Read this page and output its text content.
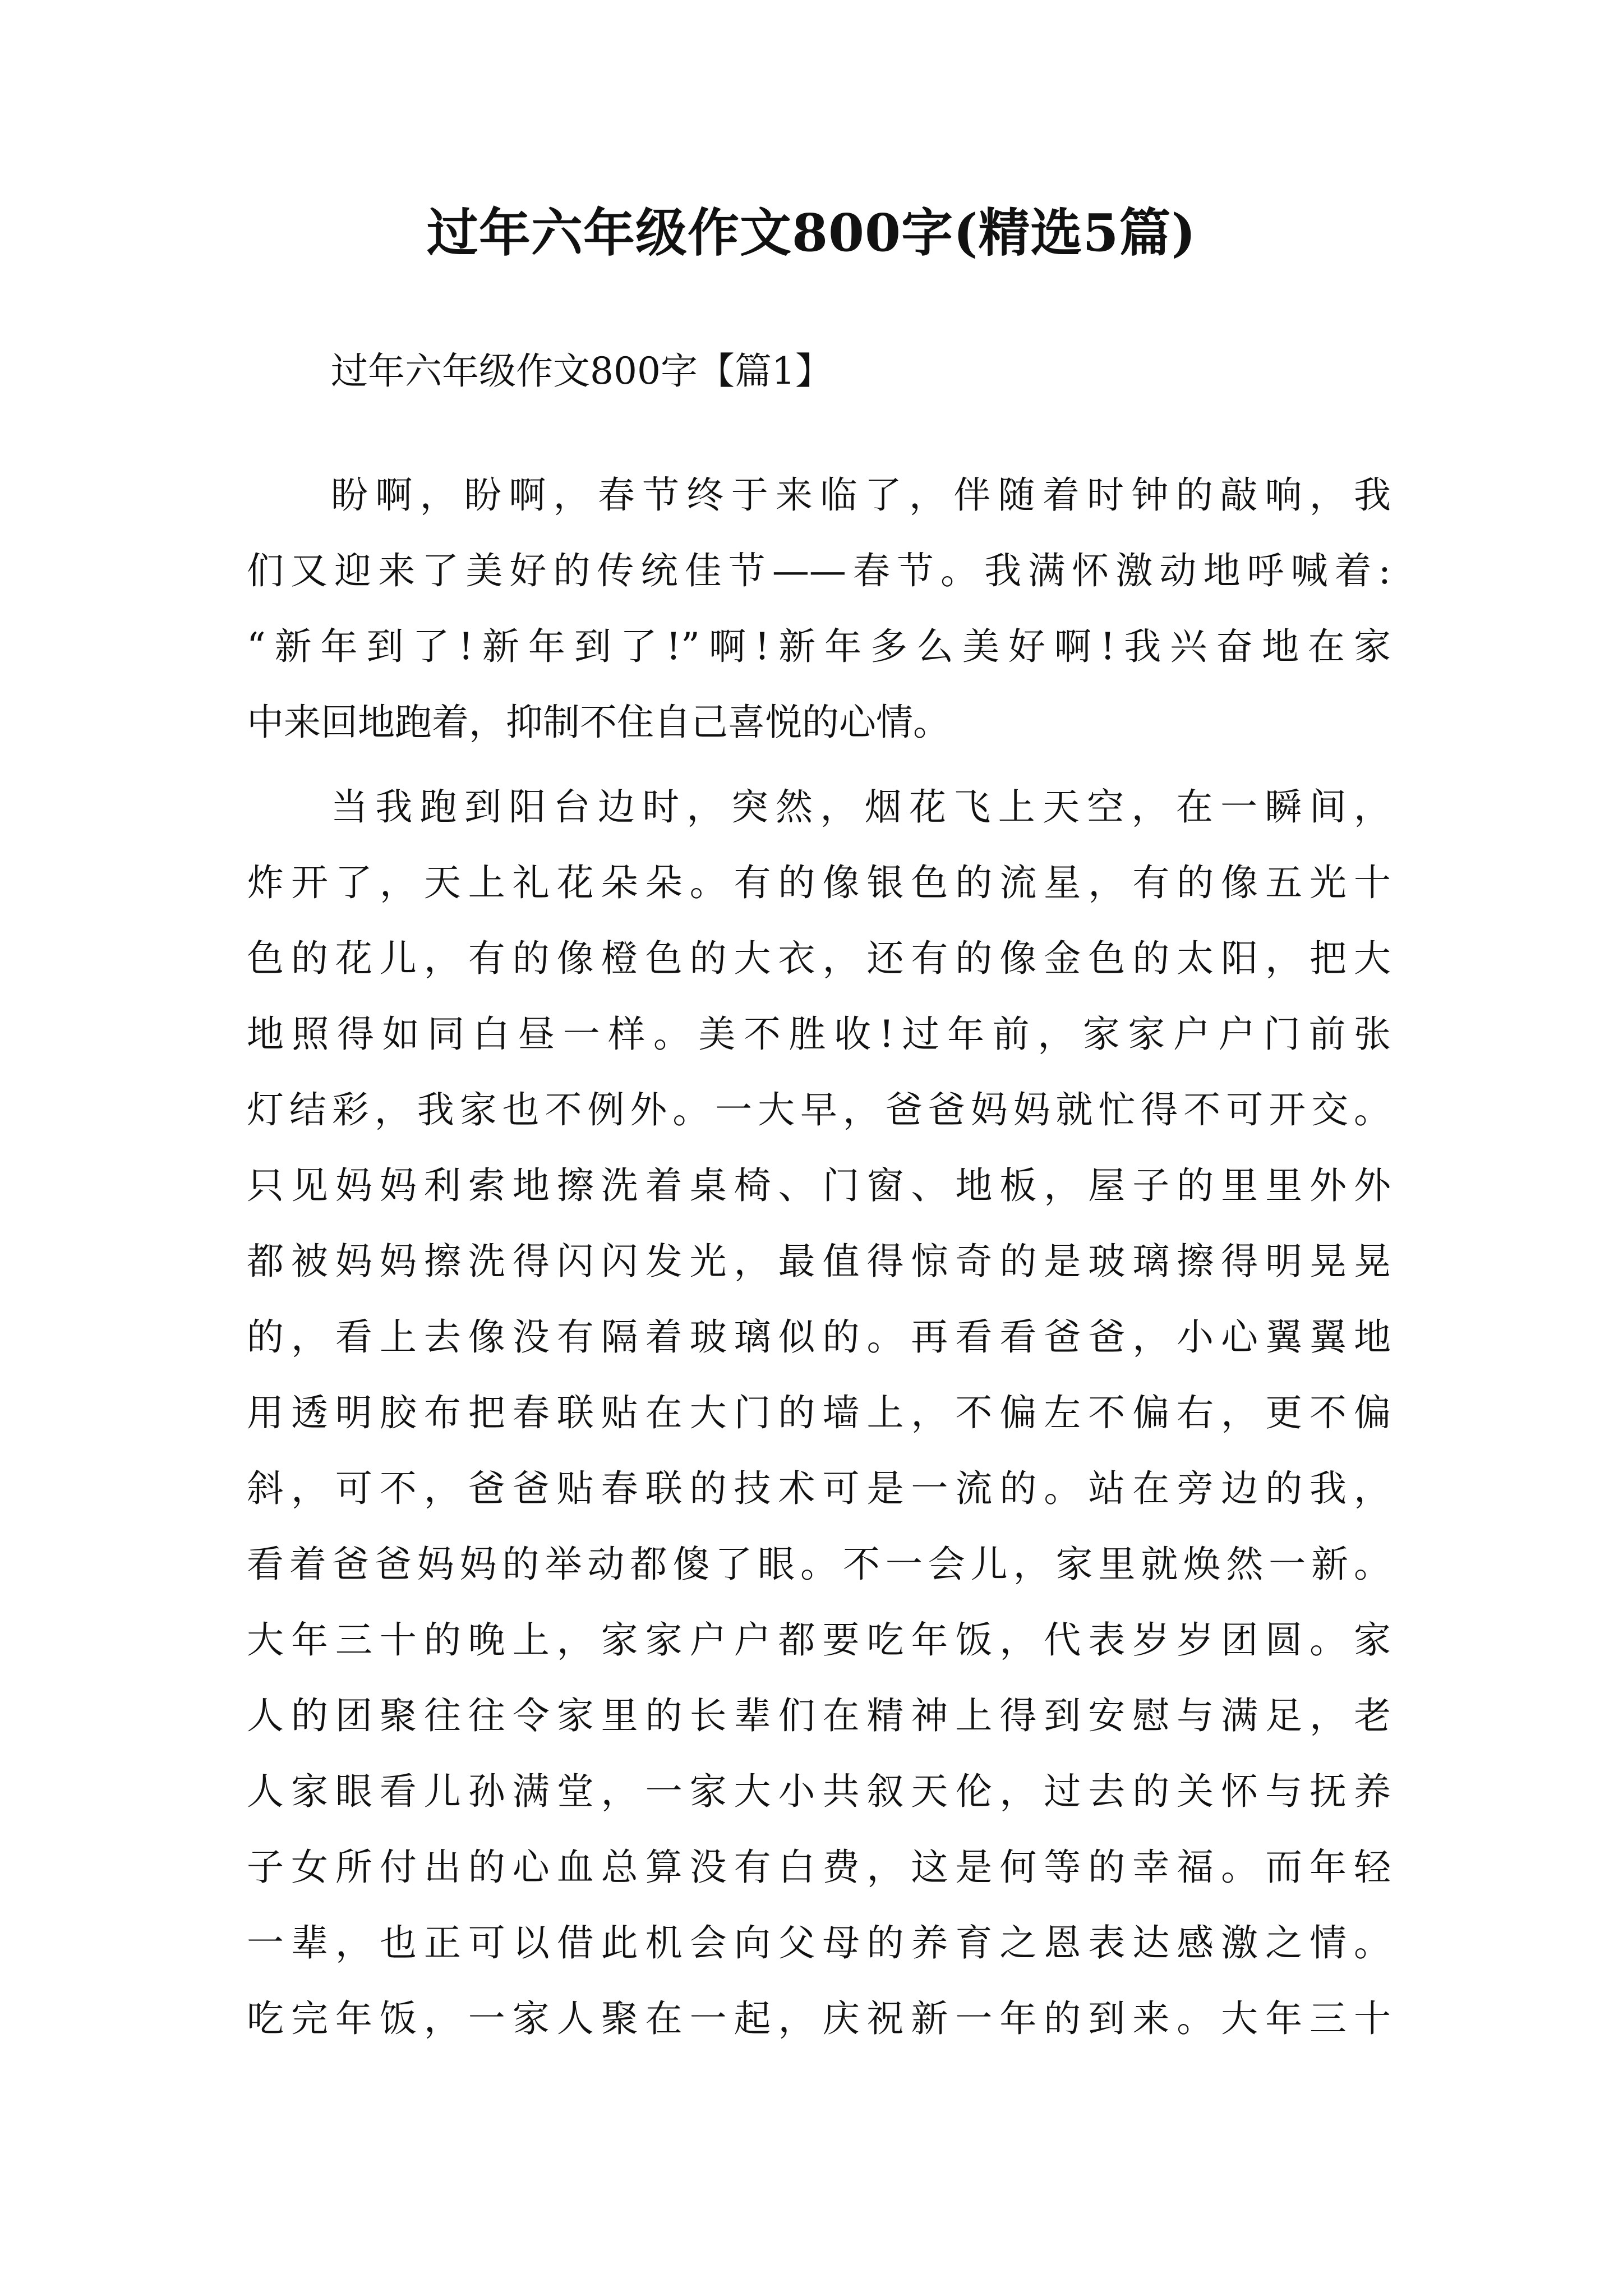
过年六年级作文800字(精选5篇)
过年六年级作文800字【篇1】
盼啊，盼啊，春节终于来临了，伴随着时钟的敲响，我
们又迎来了美好的传统佳节——春节。我满怀激动地呼喊着:
“新年到了!新年到了!”啊!新年多么美好啊!我兴奋地在家
中来回地跑着，抑制不住自己喜悦的心情。
当我跑到阳台边时，突然，烟花飞上天空，在一瞬间，
炸开了，天上礼花朵朵。有的像银色的流星，有的像五光十
色的花儿，有的像橙色的大衣，还有的像金色的太阳，把大
地照得如同白昼一样。美不胜收!过年前，家家户户门前张
灯结彩，我家也不例外。一大早，爸爸妈妈就忙得不可开交。
只见妈妈利索地擦洗着桌椅、门窗、地板，屋子的里里外外
都被妈妈擦洗得闪闪发光，最值得惊奇的是玻璃擦得明晃晃
的，看上去像没有隔着玻璃似的。再看看爸爸，小心翼翼地
用透明胶布把春联贴在大门的墙上，不偏左不偏右，更不偏
斜，可不，爸爸贴春联的技术可是一流的。站在旁边的我，
看着爸爸妈妈的举动都傻了眼。不一会儿，家里就焕然一新。
大年三十的晚上，家家户户都要吃年饭，代表岁岁团圆。家
人的团聚往往令家里的长辈们在精神上得到安慰与满足，老
人家眼看儿孙满堂，一家大小共叙天伦，过去的关怀与抚养
子女所付出的心血总算没有白费，这是何等的幸福。而年轻
一辈，也正可以借此机会向父母的养育之恩表达感激之情。
吃完年饭，一家人聚在一起，庆祝新一年的到来。大年三十
